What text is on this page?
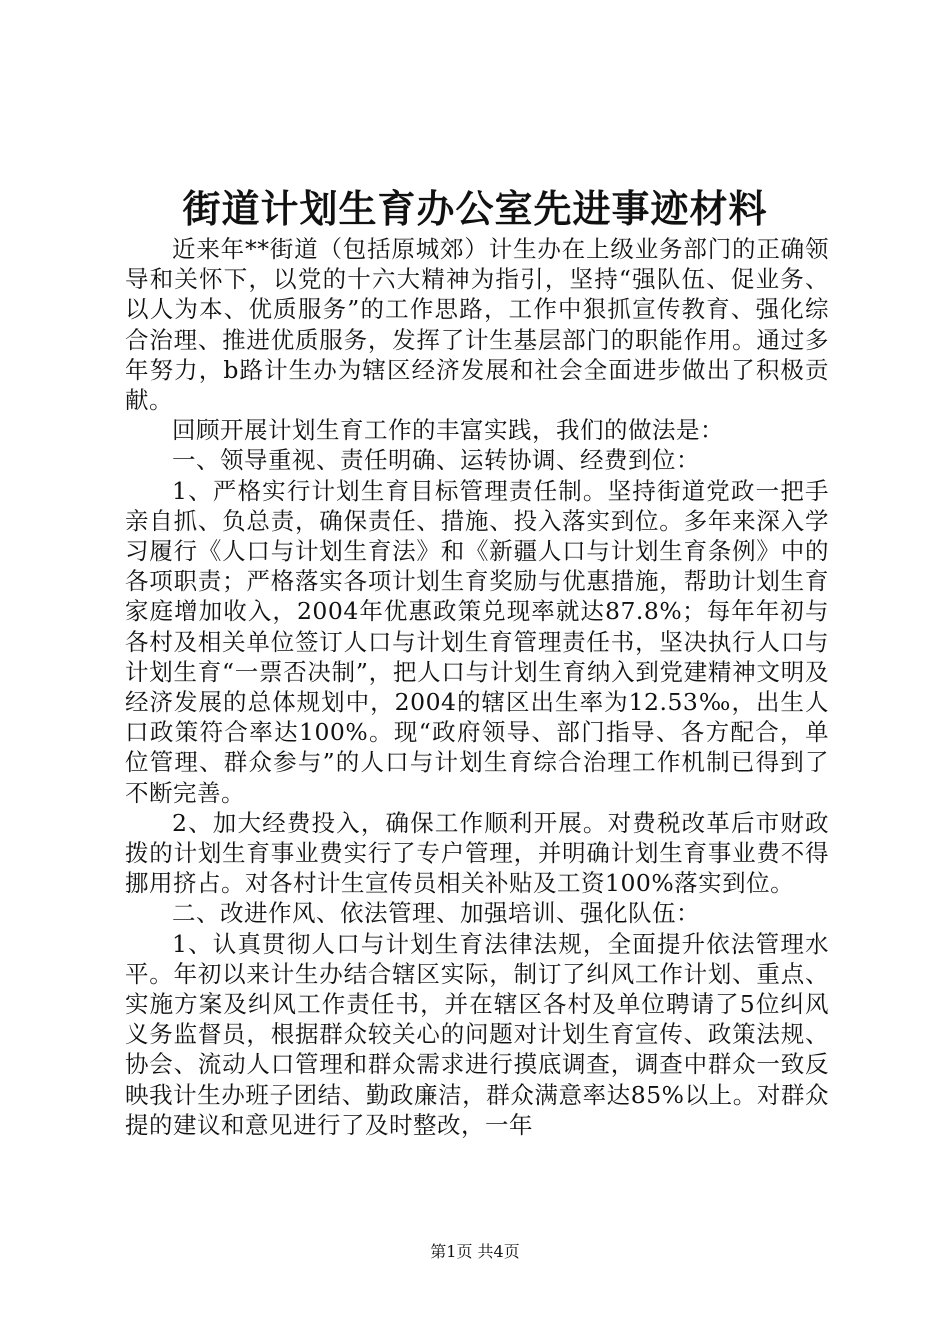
街道计划生育办公室先进事迹材料

近来年**街道（包括原城郊）计生办在上级业务部门的正确领导和关怀下，以党的十六大精神为指引，坚持“强队伍、促业务、以人为本、优质服务”的工作思路，工作中狠抓宣传教育、强化综合治理、推进优质服务，发挥了计生基层部门的职能作用。通过多年努力，b路计生办为辖区经济发展和社会全面进步做出了积极贡献。

回顾开展计划生育工作的丰富实践，我们的做法是：

一、领导重视、责任明确、运转协调、经费到位：

1、严格实行计划生育目标管理责任制。坚持街道党政一把手亲自抓、负总责，确保责任、措施、投入落实到位。多年来深入学习履行《人口与计划生育法》和《新疆人口与计划生育条例》中的各项职责；严格落实各项计划生育奖励与优惠措施，帮助计划生育家庭增加收入，2004年优惠政策兑现率就达87.8%；每年年初与各村及相关单位签订人口与计划生育管理责任书，坚决执行人口与计划生育“一票否决制”，把人口与计划生育纳入到党建精神文明及经济发展的总体规划中，2004的辖区出生率为12.53‰，出生人口政策符合率达100%。现“政府领导、部门指导、各方配合，单位管理、群众参与”的人口与计划生育综合治理工作机制已得到了不断完善。

2、加大经费投入，确保工作顺利开展。对费税改革后市财政拨的计划生育事业费实行了专户管理，并明确计划生育事业费不得挪用挤占。对各村计生宣传员相关补贴及工资100%落实到位。

二、改进作风、依法管理、加强培训、强化队伍：

1、认真贯彻人口与计划生育法律法规，全面提升依法管理水平。年初以来计生办结合辖区实际，制订了纠风工作计划、重点、实施方案及纠风工作责任书，并在辖区各村及单位聘请了5位纠风义务监督员，根据群众较关心的问题对计划生育宣传、政策法规、协会、流动人口管理和群众需求进行摸底调查，调查中群众一致反映我计生办班子团结、勤政廉洁，群众满意率达85%以上。对群众提的建议和意见进行了及时整改，一年

第1页 共4页
